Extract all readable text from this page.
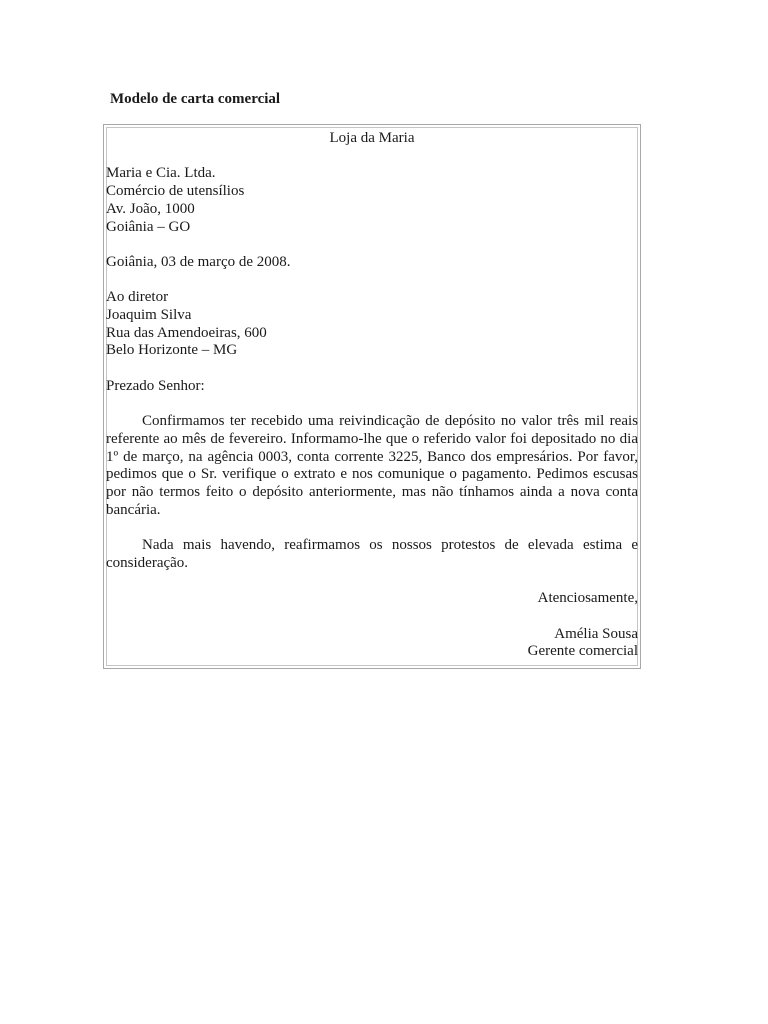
Modelo de carta comercial

Loja da Maria

Maria e Cia. Ltda.

Comércio de utensílios

Av. João, 1000

Goiânia – GO

Goiânia, 03 de março de 2008.

Ao diretor

Joaquim Silva

Rua das Amendoeiras, 600

Belo Horizonte – MG

Prezado Senhor:

Confirmamos ter recebido uma reivindicação de depósito no valor três mil reais referente ao mês de fevereiro. Informamo-lhe que o referido valor foi depositado no dia 1º de março, na agência 0003, conta corrente 3225, Banco dos empresários. Por favor, pedimos que o Sr. verifique o extrato e nos comunique o pagamento. Pedimos escusas por não termos feito o depósito anteriormente, mas não tínhamos ainda a nova conta bancária.

Nada mais havendo, reafirmamos os nossos protestos de elevada estima e consideração.

Atenciosamente,

Amélia Sousa

Gerente comercial
